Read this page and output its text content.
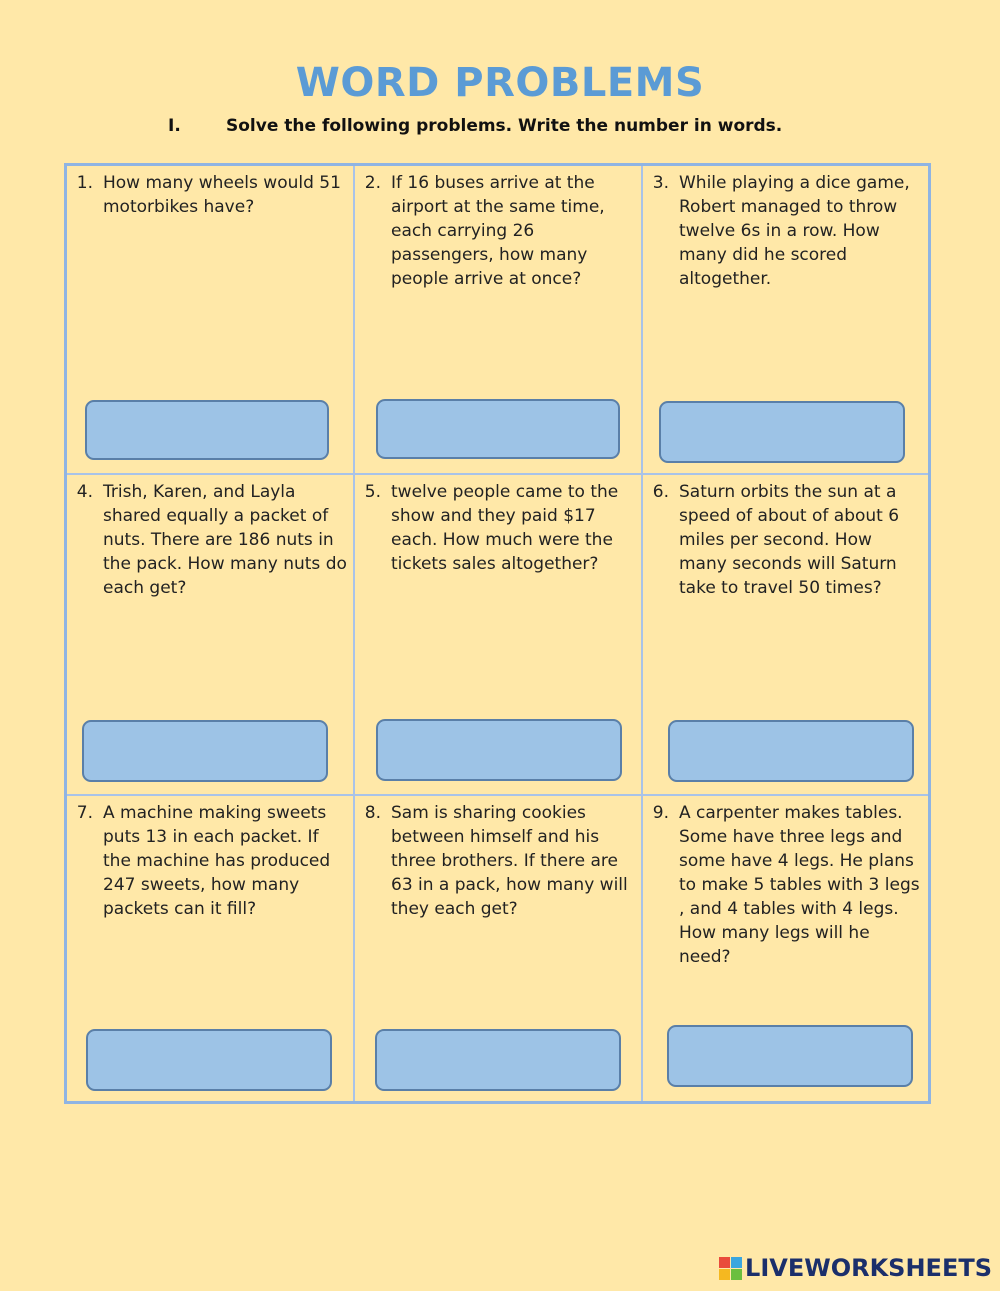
WORD PROBLEMS
I.	Solve the following problems. Write the number in words.
1. How many wheels would 51 motorbikes have?
2. If 16 buses arrive at the airport at the same time, each carrying 26 passengers, how many people arrive at once?
3. While playing a dice game, Robert managed to throw twelve 6s in a row. How many did he scored altogether.
4. Trish, Karen, and Layla shared equally a packet of nuts. There are 186 nuts in the pack. How many nuts do each get?
5. twelve people came to the show and they paid $17 each. How much were the tickets sales altogether?
6. Saturn orbits the sun at a speed of about of about 6 miles per second. How many seconds will Saturn take to travel 50 times?
7. A machine making sweets puts 13 in each packet. If the machine has produced 247 sweets, how many packets can it fill?
8. Sam is sharing cookies between himself and his three brothers. If there are 63 in a pack, how many will they each get?
9. A carpenter makes tables. Some have three legs and some have 4 legs. He plans to make 5 tables with 3 legs , and 4 tables with 4 legs. How many legs will he need?
LIVEWORKSHEETS
